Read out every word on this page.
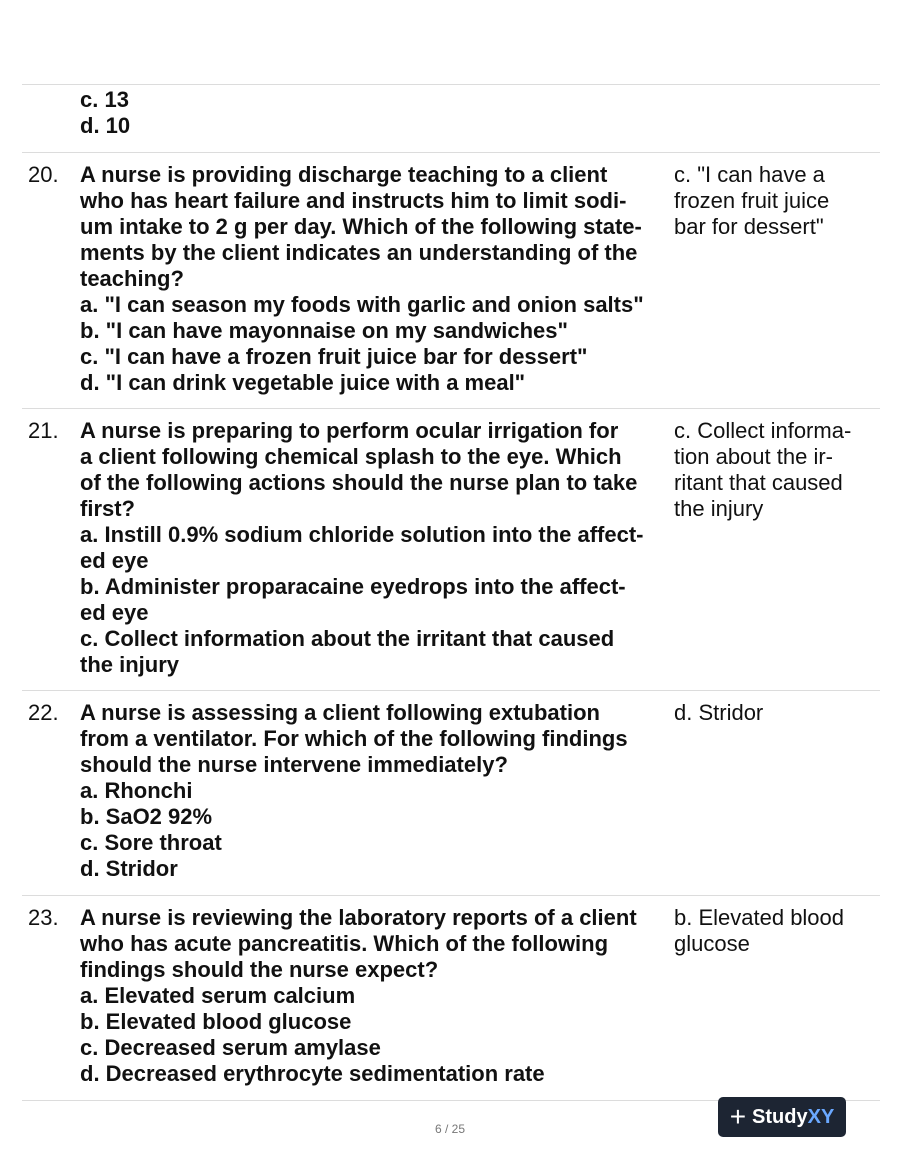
c. 13
d. 10
20. A nurse is providing discharge teaching to a client
who has heart failure and instructs him to limit sodi-
um intake to 2 g per day. Which of the following state-
ments by the client indicates an understanding of the
teaching?
a. "I can season my foods with garlic and onion salts"
b. "I can have mayonnaise on my sandwiches"
c. "I can have a frozen fruit juice bar for dessert"
d. "I can drink vegetable juice with a meal"
c. "I can have a
frozen fruit juice
bar for dessert"
21. A nurse is preparing to perform ocular irrigation for
a client following chemical splash to the eye. Which
of the following actions should the nurse plan to take
first?
a. Instill 0.9% sodium chloride solution into the affect-
ed eye
b. Administer proparacaine eyedrops into the affect-
ed eye
c. Collect information about the irritant that caused
the injury
c. Collect informa-
tion about the ir-
ritant that caused
the injury
22. A nurse is assessing a client following extubation
from a ventilator. For which of the following findings
should the nurse intervene immediately?
a. Rhonchi
b. SaO2 92%
c. Sore throat
d. Stridor
d. Stridor
23. A nurse is reviewing the laboratory reports of a client
who has acute pancreatitis. Which of the following
findings should the nurse expect?
a. Elevated serum calcium
b. Elevated blood glucose
c. Decreased serum amylase
d. Decreased erythrocyte sedimentation rate
b. Elevated blood
glucose
6 / 25	+ StudyXY
